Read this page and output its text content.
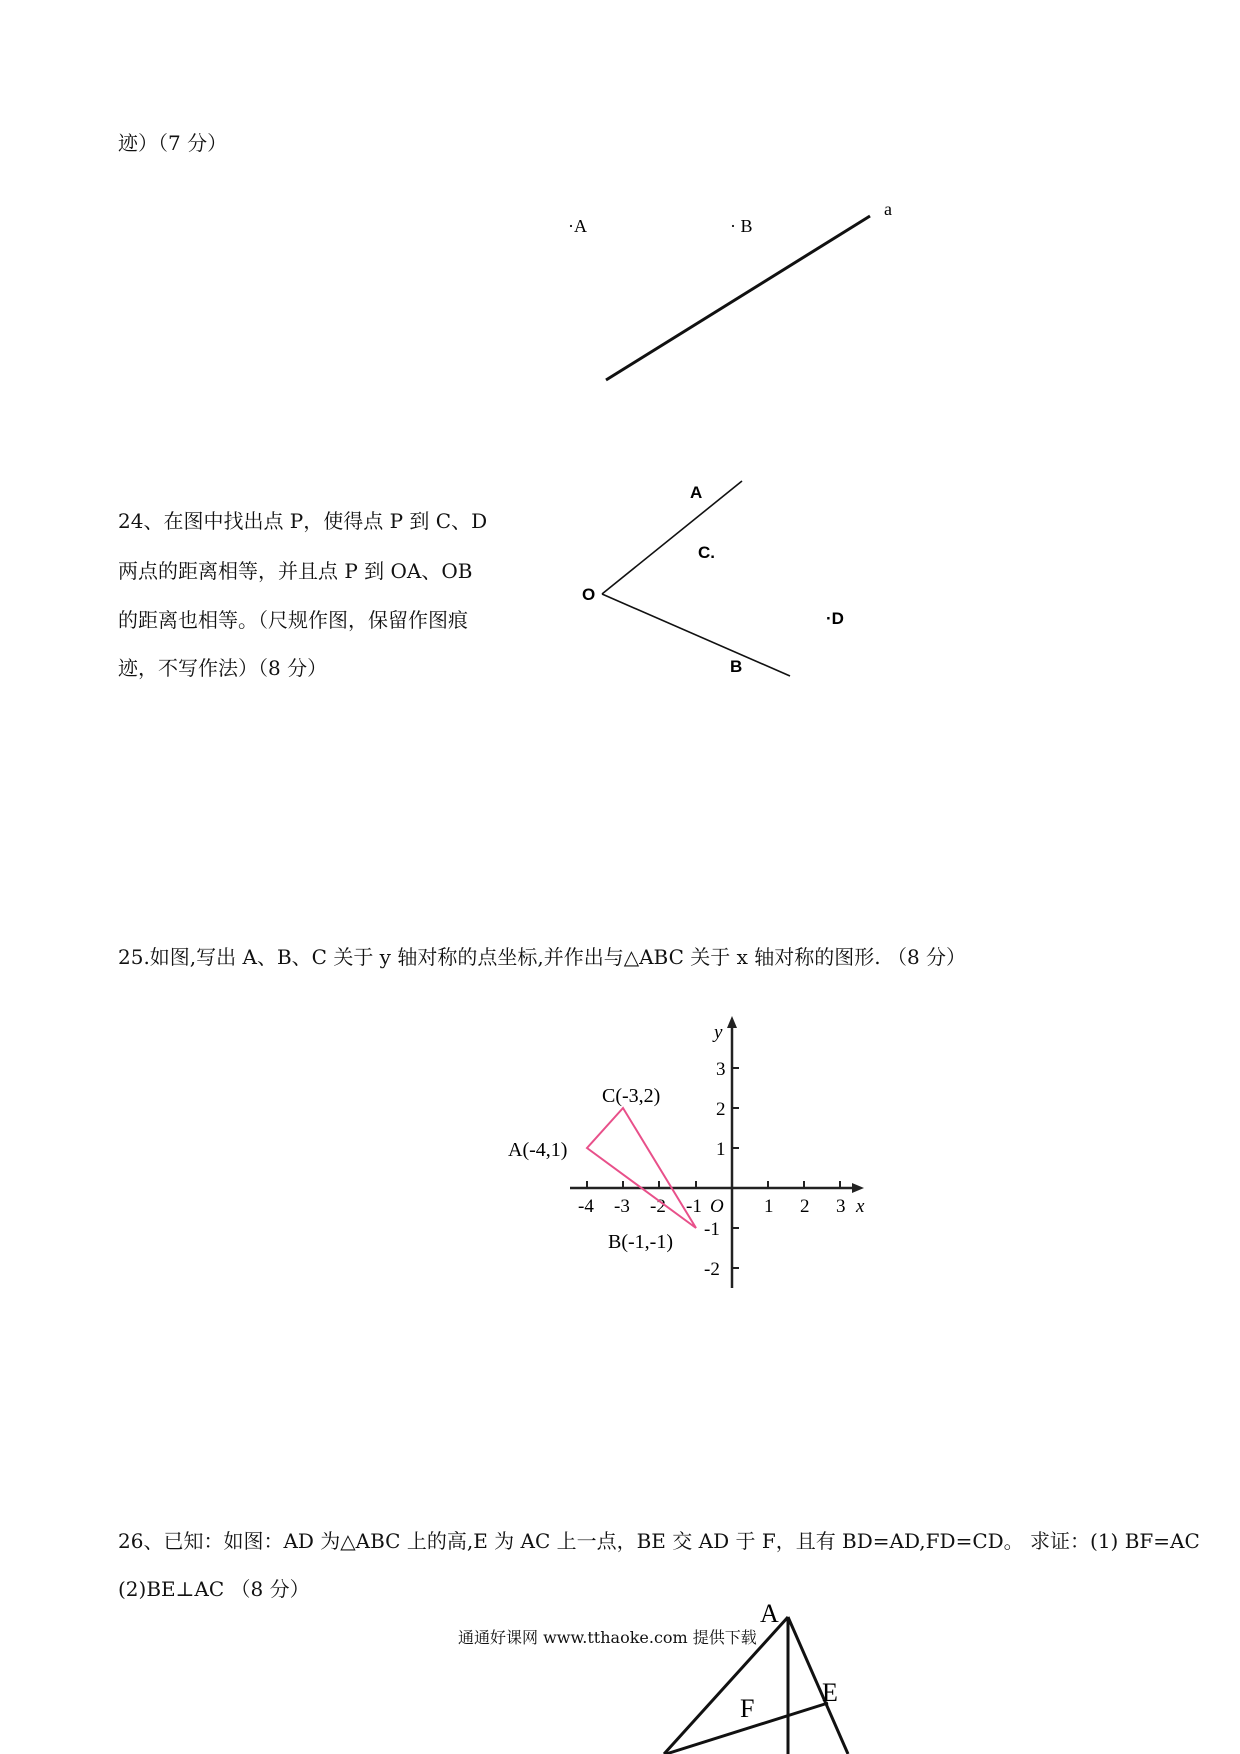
迹）（7 分）
·A	· B
a
24、在图中找出点 P，使得点 P 到 C、D
两点的距离相等，并且点 P 到 OA、OB
的距离也相等。（尺规作图，保留作图痕
迹，不写作法）（8 分）
O
A
B
C.
·D
25.如图,写出 A、B、C 关于 y 轴对称的点坐标,并作出与△ABC 关于 x 轴对称的图形. （8 分）
-4 -3 -2 -1	1 2 3
O	x
3
2
1
-1
-2
y
C(-3,2)
A(-4,1)
B(-1,-1)
26、已知：如图：AD 为△ABC 上的高,E 为 AC 上一点，BE 交 AD 于 F，且有 BD=AD,FD=CD。 求证：(1) BF=AC
(2)BE⊥AC （8 分）
A
F
E
通通好课网 www.tthaoke.com 提供下载
